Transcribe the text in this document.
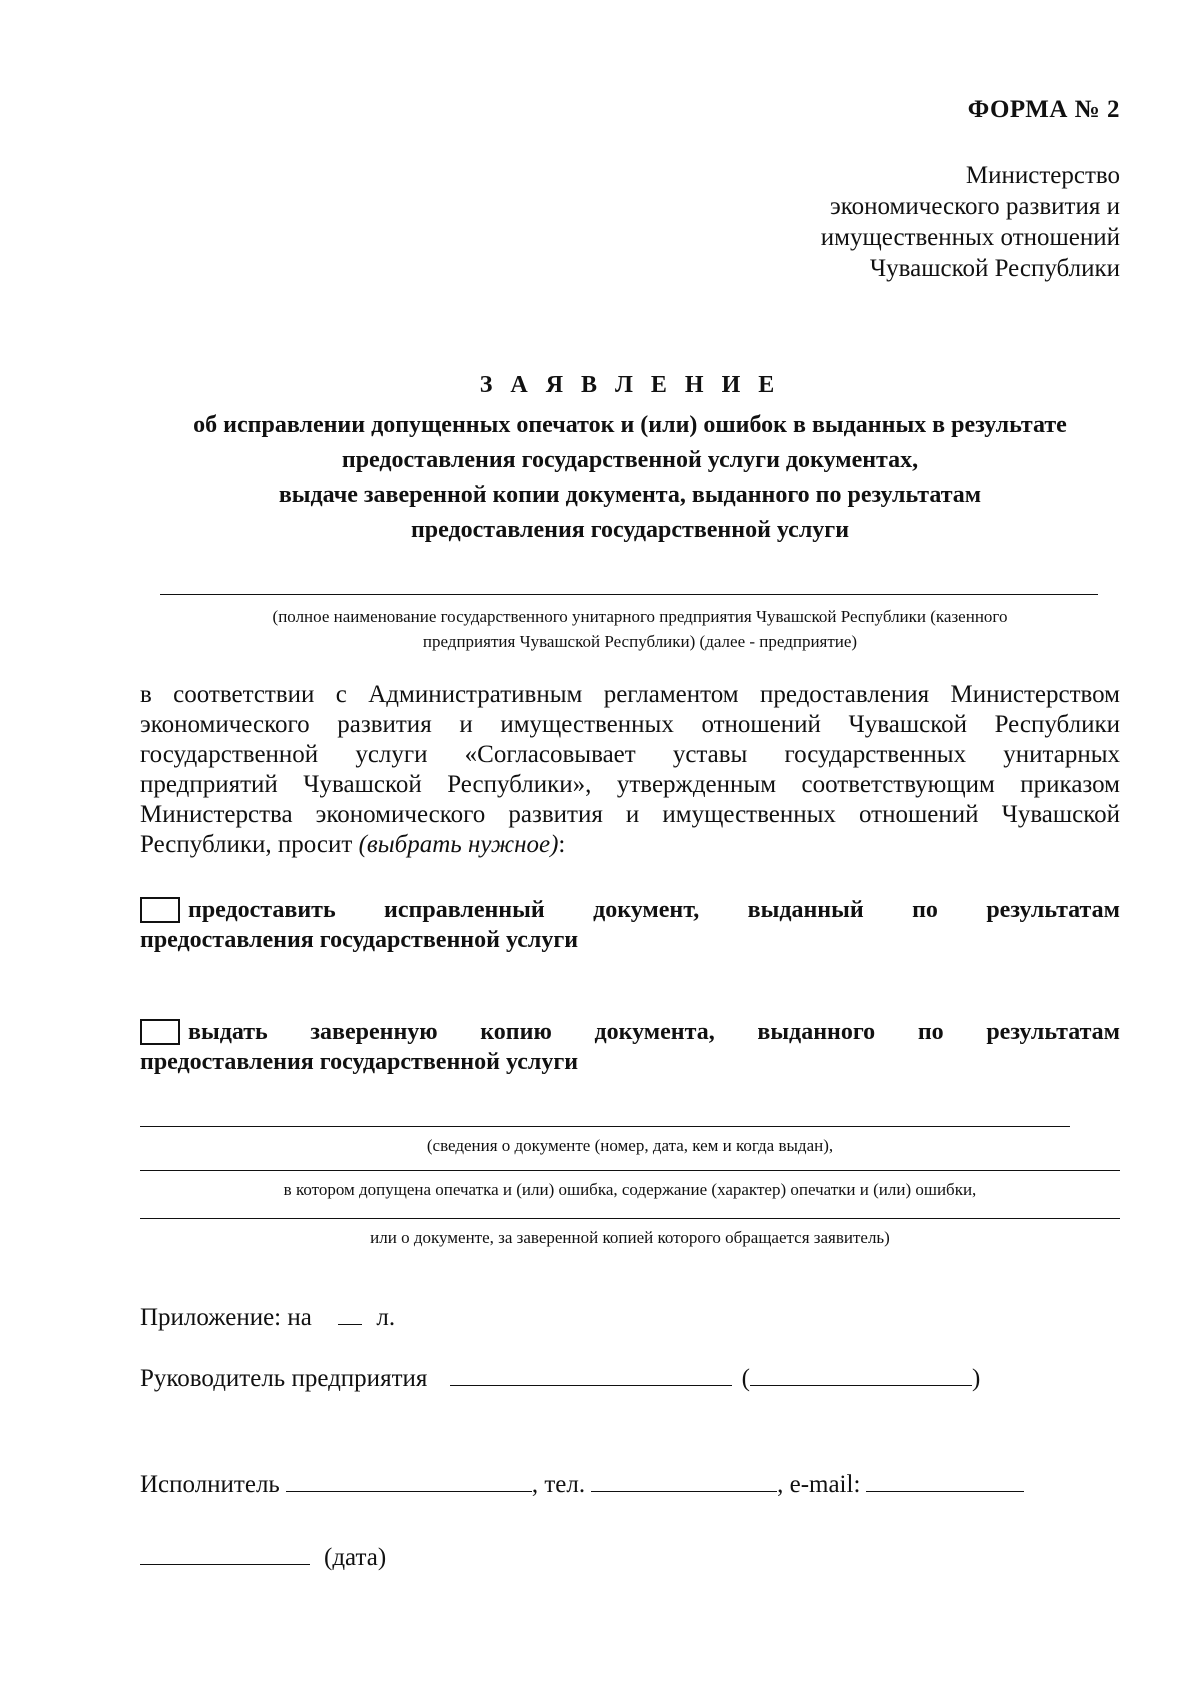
ФОРМА № 2
Министерство
экономического развития и
имущественных отношений
Чувашской Республики
З А Я В Л Е Н И Е
об исправлении допущенных опечаток и (или) ошибок в выданных в результате
предоставления государственной услуги документах,
выдаче заверенной копии документа, выданного по результатам
предоставления государственной услуги
(полное наименование государственного унитарного предприятия Чувашской Республики (казенного
предприятия Чувашской Республики) (далее - предприятие)
в соответствии с Административным регламентом предоставления Министерством
экономического развития и имущественных отношений Чувашской Республики
государственной услуги «Согласовывает уставы государственных унитарных
предприятий Чувашской Республики», утвержденным соответствующим приказом
Министерства экономического развития и имущественных отношений Чувашской
Республики, просит (выбрать нужное):
предоставить исправленный документ, выданный по результатам
предоставления государственной услуги
выдать заверенную копию документа, выданного по результатам
предоставления государственной услуги
(сведения о документе (номер, дата, кем и когда выдан),
в котором допущена опечатка и (или) ошибка, содержание (характер) опечатки и (или) ошибки,
или о документе, за заверенной копией которого обращается заявитель)
Приложение: на	л.
Руководитель предприятия	(	)
Исполнитель	, тел.	, e-mail:
(дата)
